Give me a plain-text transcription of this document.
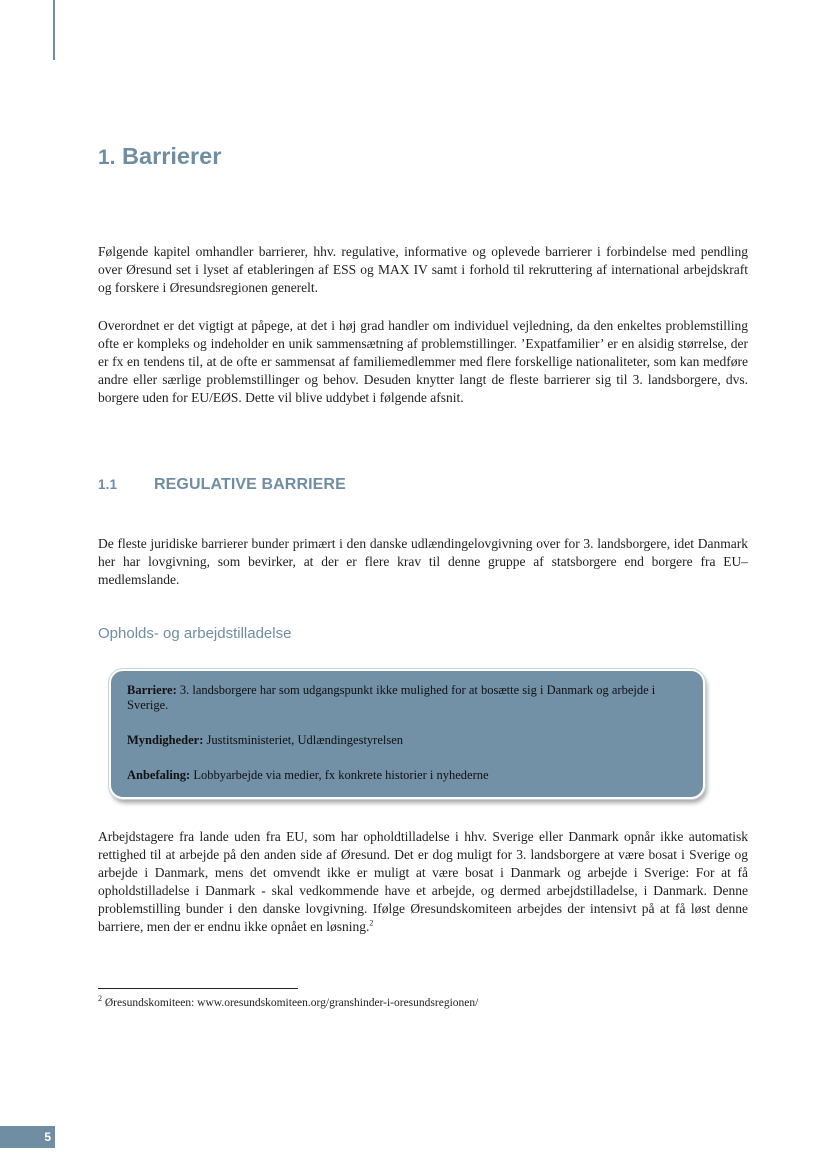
1. Barrierer

Følgende kapitel omhandler barrierer, hhv. regulative, informative og oplevede barrierer i forbindelse med pendling over Øresund set i lyset af etableringen af ESS og MAX IV samt i forhold til rekruttering af international arbejdskraft og forskere i Øresundsregionen generelt.

Overordnet er det vigtigt at påpege, at det i høj grad handler om individuel vejledning, da den enkeltes problemstilling ofte er kompleks og indeholder en unik sammensætning af problemstillinger. ’Expatfamilier’ er en alsidig størrelse, der er fx en tendens til, at de ofte er sammensat af familiemedlemmer med flere forskellige nationaliteter, som kan medføre andre eller særlige problemstillinger og behov. Desuden knytter langt de fleste barrierer sig til 3. landsborgere, dvs. borgere uden for EU/EØS. Dette vil blive uddybet i følgende afsnit.

1.1 REGULATIVE BARRIERE

De fleste juridiske barrierer bunder primært i den danske udlændingelovgivning over for 3. landsborgere, idet Danmark her har lovgivning, som bevirker, at der er flere krav til denne gruppe af statsborgere end borgere fra EU–medlemslande.

Opholds- og arbejdstilladelse

Barriere: 3. landsborgere har som udgangspunkt ikke mulighed for at bosætte sig i Danmark og arbejde i Sverige.

Myndigheder: Justitsministeriet, Udlændingestyrelsen

Anbefaling: Lobbyarbejde via medier, fx konkrete historier i nyhederne

Arbejdstagere fra lande uden fra EU, som har opholdtilladelse i hhv. Sverige eller Danmark opnår ikke automatisk rettighed til at arbejde på den anden side af Øresund. Det er dog muligt for 3. landsborgere at være bosat i Sverige og arbejde i Danmark, mens det omvendt ikke er muligt at være bosat i Danmark og arbejde i Sverige: For at få opholdstilladelse i Danmark - skal vedkommende have et arbejde, og dermed arbejdstilladelse, i Danmark. Denne problemstilling bunder i den danske lovgivning. Ifølge Øresundskomiteen arbejdes der intensivt på at få løst denne barriere, men der er endnu ikke opnået en løsning.$^2$

$^2$ Øresundskomiteen: www.oresundskomiteen.org/granshinder-i-oresundsregionen/

5
